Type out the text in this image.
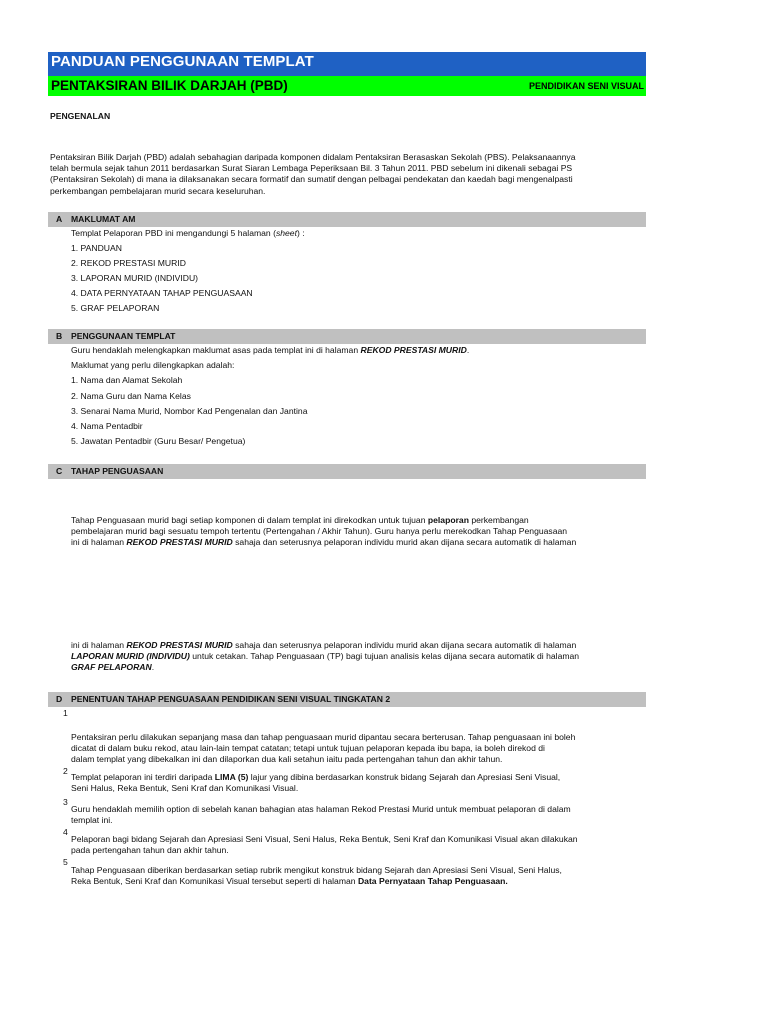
PANDUAN PENGGUNAAN TEMPLAT
PENTAKSIRAN BILIK DARJAH (PBD)	PENDIDIKAN SENI VISUAL
PENGENALAN
Pentaksiran Bilik Darjah (PBD) adalah sebahagian daripada komponen didalam Pentaksiran Berasaskan Sekolah (PBS). Pelaksanaannya
telah bermula sejak tahun 2011 berdasarkan Surat Siaran Lembaga Peperiksaan Bil. 3 Tahun 2011. PBD sebelum ini dikenali sebagai PS
(Pentaksiran Sekolah) di mana ia dilaksanakan secara formatif dan sumatif dengan pelbagai pendekatan dan kaedah bagi mengenalpasti
perkembangan pembelajaran murid secara keseluruhan.
A MAKLUMAT AM
Templat Pelaporan PBD ini mengandungi 5 halaman (sheet) :
1. PANDUAN
2. REKOD PRESTASI MURID
3. LAPORAN MURID (INDIVIDU)
4. DATA PERNYATAAN TAHAP PENGUASAAN
5. GRAF PELAPORAN
B PENGGUNAAN TEMPLAT
Guru hendaklah melengkapkan maklumat asas pada templat ini di halaman REKOD PRESTASI MURID.
Maklumat yang perlu dilengkapkan adalah:
1. Nama dan Alamat Sekolah
2. Nama Guru dan Nama Kelas
3. Senarai Nama Murid, Nombor Kad Pengenalan dan Jantina
4. Nama Pentadbir
5. Jawatan Pentadbir (Guru Besar/ Pengetua)
C TAHAP PENGUASAAN
Tahap Penguasaan murid bagi setiap komponen di dalam templat ini direkodkan untuk tujuan pelaporan perkembangan
pembelajaran murid bagi sesuatu tempoh tertentu (Pertengahan / Akhir Tahun). Guru hanya perlu merekodkan Tahap Penguasaan
ini di halaman REKOD PRESTASI MURID sahaja dan seterusnya pelaporan individu murid akan dijana secara automatik di halaman
ini di halaman REKOD PRESTASI MURID sahaja dan seterusnya pelaporan individu murid akan dijana secara automatik di halaman
LAPORAN MURID (INDIVIDU) untuk cetakan. Tahap Penguasaan (TP) bagi tujuan analisis kelas dijana secara automatik di halaman
GRAF PELAPORAN.
D PENENTUAN TAHAP PENGUASAAN PENDIDIKAN SENI VISUAL TINGKATAN 2
1
Pentaksiran perlu dilakukan sepanjang masa dan tahap penguasaan murid dipantau secara berterusan. Tahap penguasaan ini boleh
dicatat di dalam buku rekod, atau lain-lain tempat catatan; tetapi untuk tujuan pelaporan kepada ibu bapa, ia boleh direkod di
dalam templat yang dibekalkan ini dan dilaporkan dua kali setahun iaitu pada pertengahan tahun dan akhir tahun.
2
Templat pelaporan ini terdiri daripada LIMA (5) lajur yang dibina berdasarkan konstruk bidang Sejarah dan Apresiasi Seni Visual,
Seni Halus, Reka Bentuk, Seni Kraf dan Komunikasi Visual.
3
Guru hendaklah memilih option di sebelah kanan bahagian atas halaman Rekod Prestasi Murid untuk membuat pelaporan di dalam
templat ini.
4
Pelaporan bagi bidang Sejarah dan Apresiasi Seni Visual, Seni Halus, Reka Bentuk, Seni Kraf dan Komunikasi Visual akan dilakukan
pada pertengahan tahun dan akhir tahun.
5
Tahap Penguasaan diberikan berdasarkan setiap rubrik mengikut konstruk bidang Sejarah dan Apresiasi Seni Visual, Seni Halus,
Reka Bentuk, Seni Kraf dan Komunikasi Visual tersebut seperti di halaman Data Pernyataan Tahap Penguasaan.
